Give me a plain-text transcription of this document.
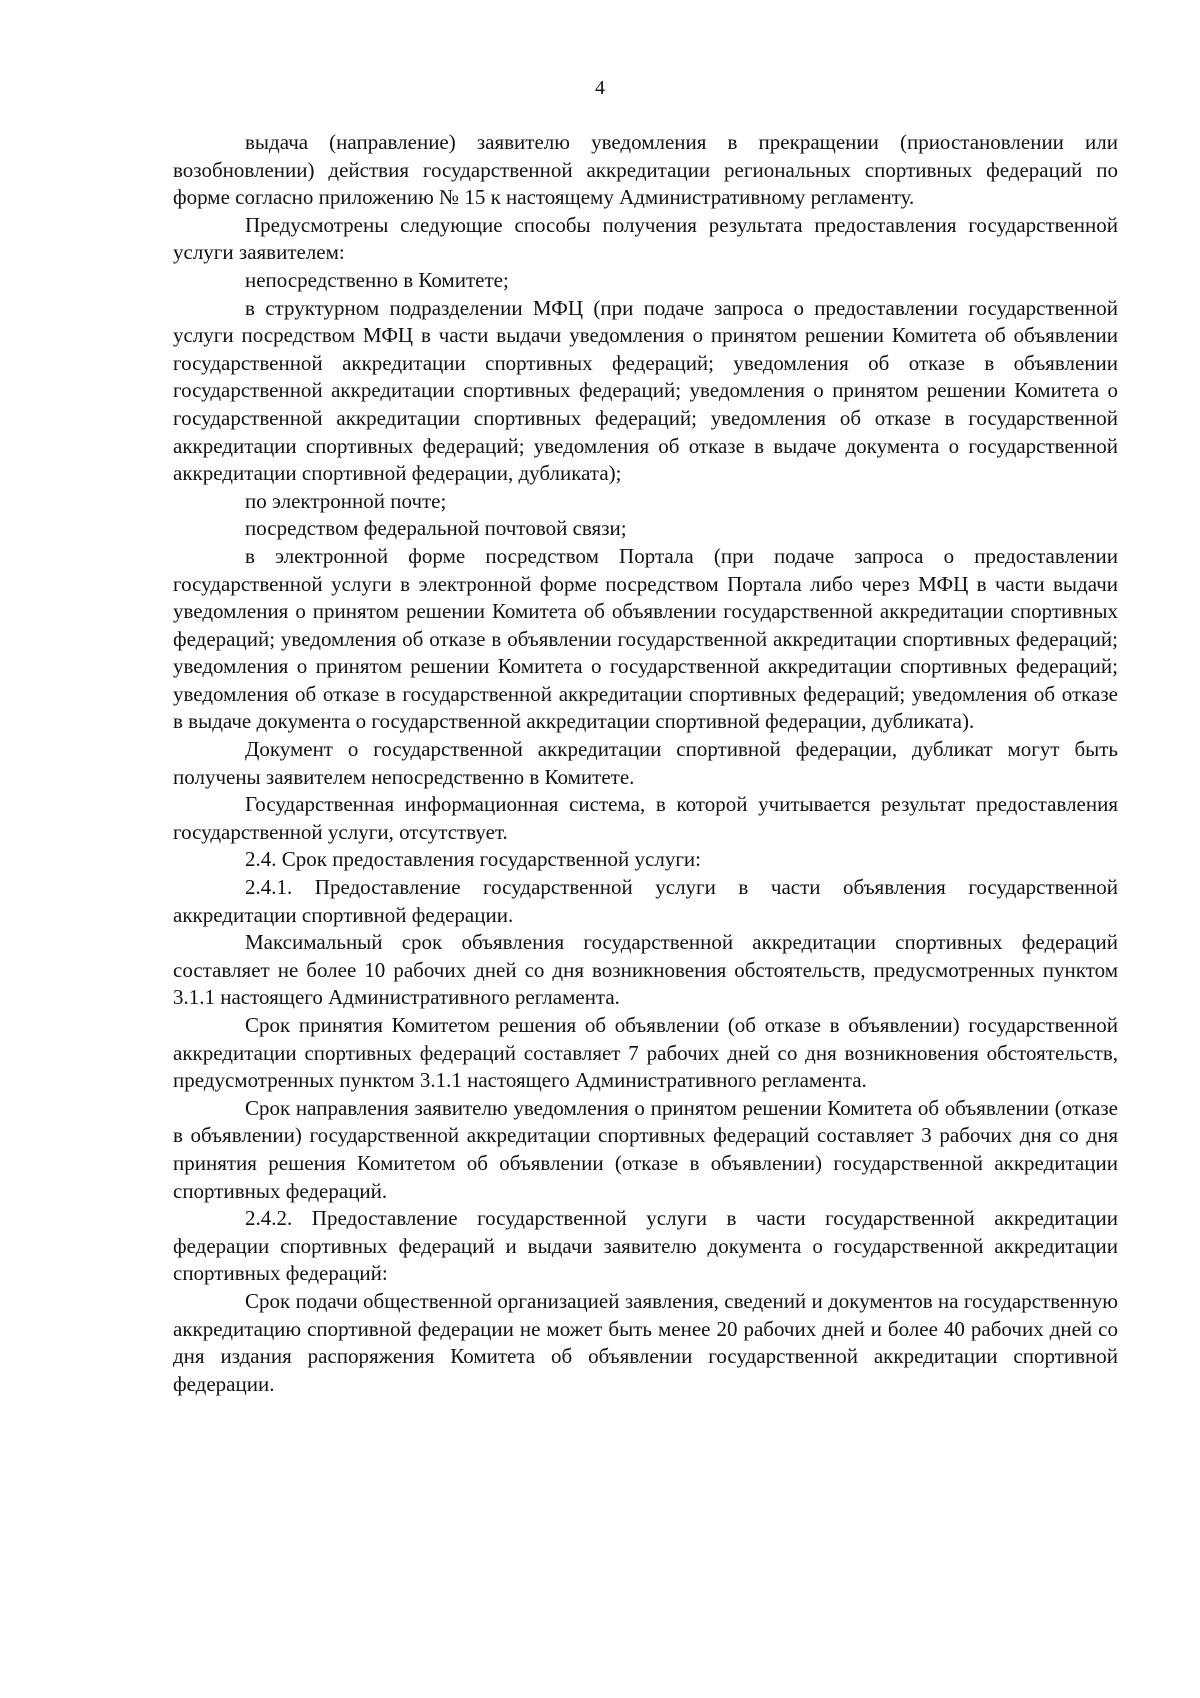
4

выдача (направление) заявителю уведомления в прекращении (приостановлении или возобновлении) действия государственной аккредитации региональных спортивных федераций по форме согласно приложению № 15 к настоящему Административному регламенту.

Предусмотрены следующие способы получения результата предоставления государственной услуги заявителем:

непосредственно в Комитете;

в структурном подразделении МФЦ (при подаче запроса о предоставлении государственной услуги посредством МФЦ в части выдачи уведомления о принятом решении Комитета об объявлении государственной аккредитации спортивных федераций; уведомления об отказе в объявлении государственной аккредитации спортивных федераций; уведомления о принятом решении Комитета о государственной аккредитации спортивных федераций; уведомления об отказе в государственной аккредитации спортивных федераций; уведомления об отказе в выдаче документа о государственной аккредитации спортивной федерации, дубликата);

по электронной почте;

посредством федеральной почтовой связи;

в электронной форме посредством Портала (при подаче запроса о предоставлении государственной услуги в электронной форме посредством Портала либо через МФЦ в части выдачи уведомления о принятом решении Комитета об объявлении государственной аккредитации спортивных федераций; уведомления об отказе в объявлении государственной аккредитации спортивных федераций; уведомления о принятом решении Комитета о государственной аккредитации спортивных федераций; уведомления об отказе в государственной аккредитации спортивных федераций; уведомления об отказе в выдаче документа о государственной аккредитации спортивной федерации, дубликата).

Документ о государственной аккредитации спортивной федерации, дубликат могут быть получены заявителем непосредственно в Комитете.

Государственная информационная система, в которой учитывается результат предоставления государственной услуги, отсутствует.

2.4. Срок предоставления государственной услуги:

2.4.1. Предоставление государственной услуги в части объявления государственной аккредитации спортивной федерации.

Максимальный срок объявления государственной аккредитации спортивных федераций составляет не более 10 рабочих дней со дня возникновения обстоятельств, предусмотренных пунктом 3.1.1 настоящего Административного регламента.

Срок принятия Комитетом решения об объявлении (об отказе в объявлении) государственной аккредитации спортивных федераций составляет 7 рабочих дней со дня возникновения обстоятельств, предусмотренных пунктом 3.1.1 настоящего Административного регламента.

Срок направления заявителю уведомления о принятом решении Комитета об объявлении (отказе в объявлении) государственной аккредитации спортивных федераций составляет 3 рабочих дня со дня принятия решения Комитетом об объявлении (отказе в объявлении) государственной аккредитации спортивных федераций.

2.4.2. Предоставление государственной услуги в части государственной аккредитации федерации спортивных федераций и выдачи заявителю документа о государственной аккредитации спортивных федераций:

Срок подачи общественной организацией заявления, сведений и документов на государственную аккредитацию спортивной федерации не может быть менее 20 рабочих дней и более 40 рабочих дней со дня издания распоряжения Комитета об объявлении государственной аккредитации спортивной федерации.
